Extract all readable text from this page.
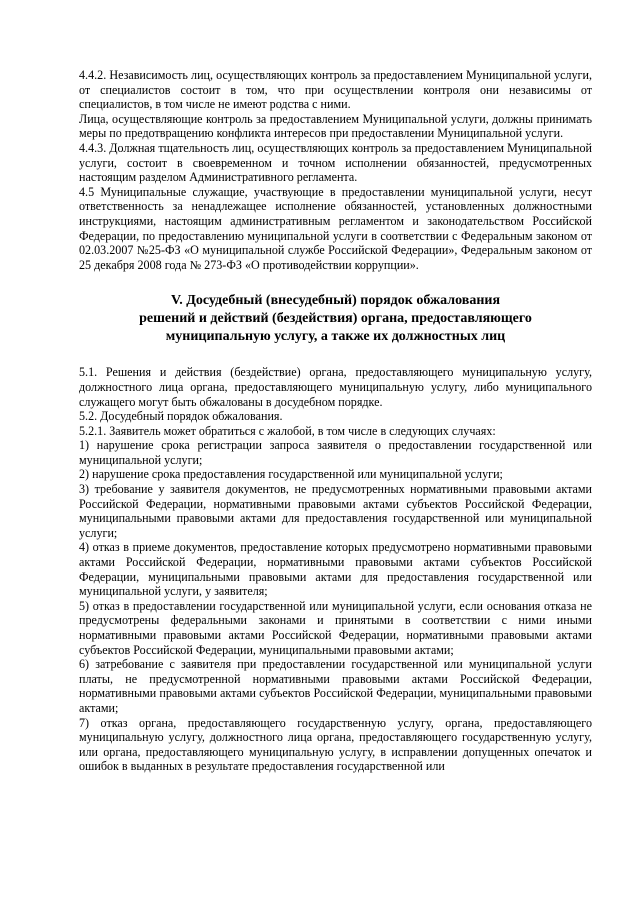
4.4.2. Независимость лиц, осуществляющих контроль за предоставлением Муниципальной услуги, от специалистов состоит в том, что при осуществлении контроля они независимы от специалистов, в том числе не имеют родства с ними.

Лица, осуществляющие контроль за предоставлением Муниципальной услуги, должны принимать меры по предотвращению конфликта интересов при предоставлении Муниципальной услуги.

4.4.3. Должная тщательность лиц, осуществляющих контроль за предоставлением Муниципальной услуги, состоит в своевременном и точном исполнении обязанностей, предусмотренных настоящим разделом Административного регламента.

4.5 Муниципальные служащие, участвующие в предоставлении муниципальной услуги, несут ответственность за ненадлежащее исполнение обязанностей, установленных должностными инструкциями, настоящим административным регламентом и законодательством Российской Федерации, по предоставлению муниципальной услуги в соответствии с Федеральным законом от 02.03.2007 №25-ФЗ «О муниципальной службе Российской Федерации», Федеральным законом от 25 декабря 2008 года № 273-ФЗ «О противодействии коррупции».

V. Досудебный (внесудебный) порядок обжалования
решений и действий (бездействия) органа, предоставляющего
муниципальную услугу, а также их должностных лиц

5.1. Решения и действия (бездействие) органа, предоставляющего муниципальную услугу, должностного лица органа, предоставляющего муниципальную услугу, либо муниципального служащего могут быть обжалованы в досудебном порядке.

5.2. Досудебный порядок обжалования.

5.2.1. Заявитель может обратиться с жалобой, в том числе в следующих случаях:

1) нарушение срока регистрации запроса заявителя о предоставлении государственной или муниципальной услуги;

2) нарушение срока предоставления государственной или муниципальной услуги;

3) требование у заявителя документов, не предусмотренных нормативными правовыми актами Российской Федерации, нормативными правовыми актами субъектов Российской Федерации, муниципальными правовыми актами для предоставления государственной или муниципальной услуги;

4) отказ в приеме документов, предоставление которых предусмотрено нормативными правовыми актами Российской Федерации, нормативными правовыми актами субъектов Российской Федерации, муниципальными правовыми актами для предоставления государственной или муниципальной услуги, у заявителя;

5) отказ в предоставлении государственной или муниципальной услуги, если основания отказа не предусмотрены федеральными законами и принятыми в соответствии с ними иными нормативными правовыми актами Российской Федерации, нормативными правовыми актами субъектов Российской Федерации, муниципальными правовыми актами;

6) затребование с заявителя при предоставлении государственной или муниципальной услуги платы, не предусмотренной нормативными правовыми актами Российской Федерации, нормативными правовыми актами субъектов Российской Федерации, муниципальными правовыми актами;

7) отказ органа, предоставляющего государственную услугу, органа, предоставляющего муниципальную услугу, должностного лица органа, предоставляющего государственную услугу, или органа, предоставляющего муниципальную услугу, в исправлении допущенных опечаток и ошибок в выданных в результате предоставления государственной или
